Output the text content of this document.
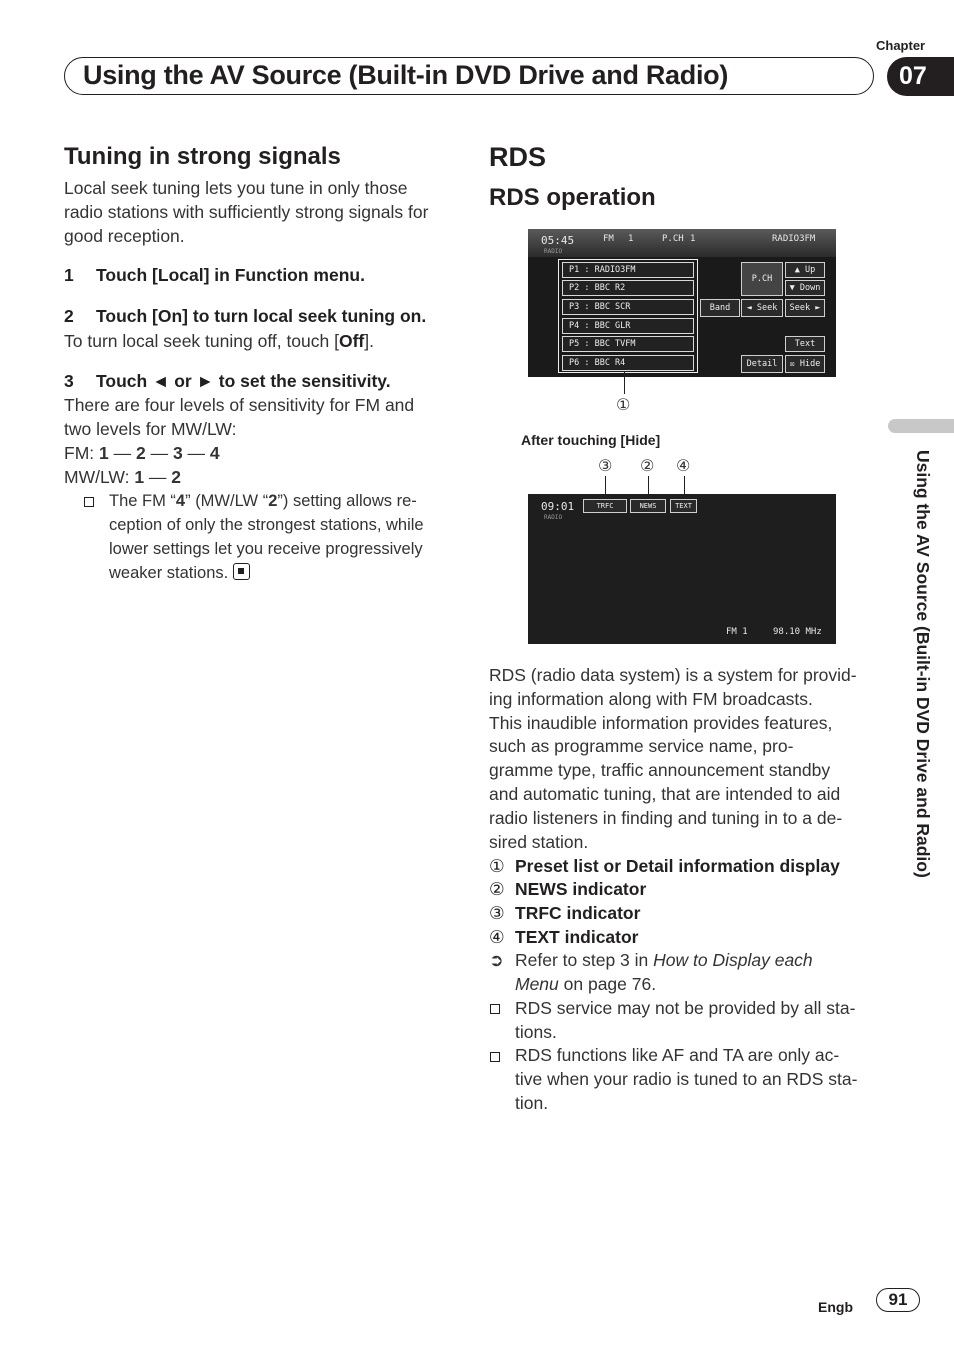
Chapter
Using the AV Source (Built-in DVD Drive and Radio)	07
Tuning in strong signals
Local seek tuning lets you tune in only those radio stations with sufficiently strong signals for good reception.
1 Touch [Local] in Function menu.
2 Touch [On] to turn local seek tuning on.
To turn local seek tuning off, touch [Off].
3 Touch ◄ or ► to set the sensitivity.
There are four levels of sensitivity for FM and
two levels for MW/LW:
FM: 1 — 2 — 3 — 4
MW/LW: 1 — 2
The FM “4” (MW/LW “2”) setting allows re-
ception of only the strongest stations, while
lower settings let you receive progressively
weaker stations.
RDS
RDS operation
05:45
RADIO
FM 1	P.CH 1	RADIO3FM
P1 : RADIO3FM
P2 : BBC R2
P3 : BBC SCR
P4 : BBC GLR
P5 : BBC TVFM
P6 : BBC R4
P.CH
▲ Up
▼ Down
Band	◄ Seek	Seek ►
Text
Detail	☒ Hide
①
After touching [Hide]
③ ② ④
09:01
RADIO
TRFC	NEWS	TEXT
FM 1	98.10 MHz
RDS (radio data system) is a system for provid-
ing information along with FM broadcasts.
This inaudible information provides features,
such as programme service name, pro-
gramme type, traffic announcement standby
and automatic tuning, that are intended to aid
radio listeners in finding and tuning in to a de-
sired station.
① Preset list or Detail information display
② NEWS indicator
③ TRFC indicator
④ TEXT indicator
➲ Refer to step 3 in How to Display each
Menu on page 76.
RDS service may not be provided by all sta-
tions.
RDS functions like AF and TA are only ac-
tive when your radio is tuned to an RDS sta-
tion.
Using the AV Source (Built-in DVD Drive and Radio)
Engb	91
